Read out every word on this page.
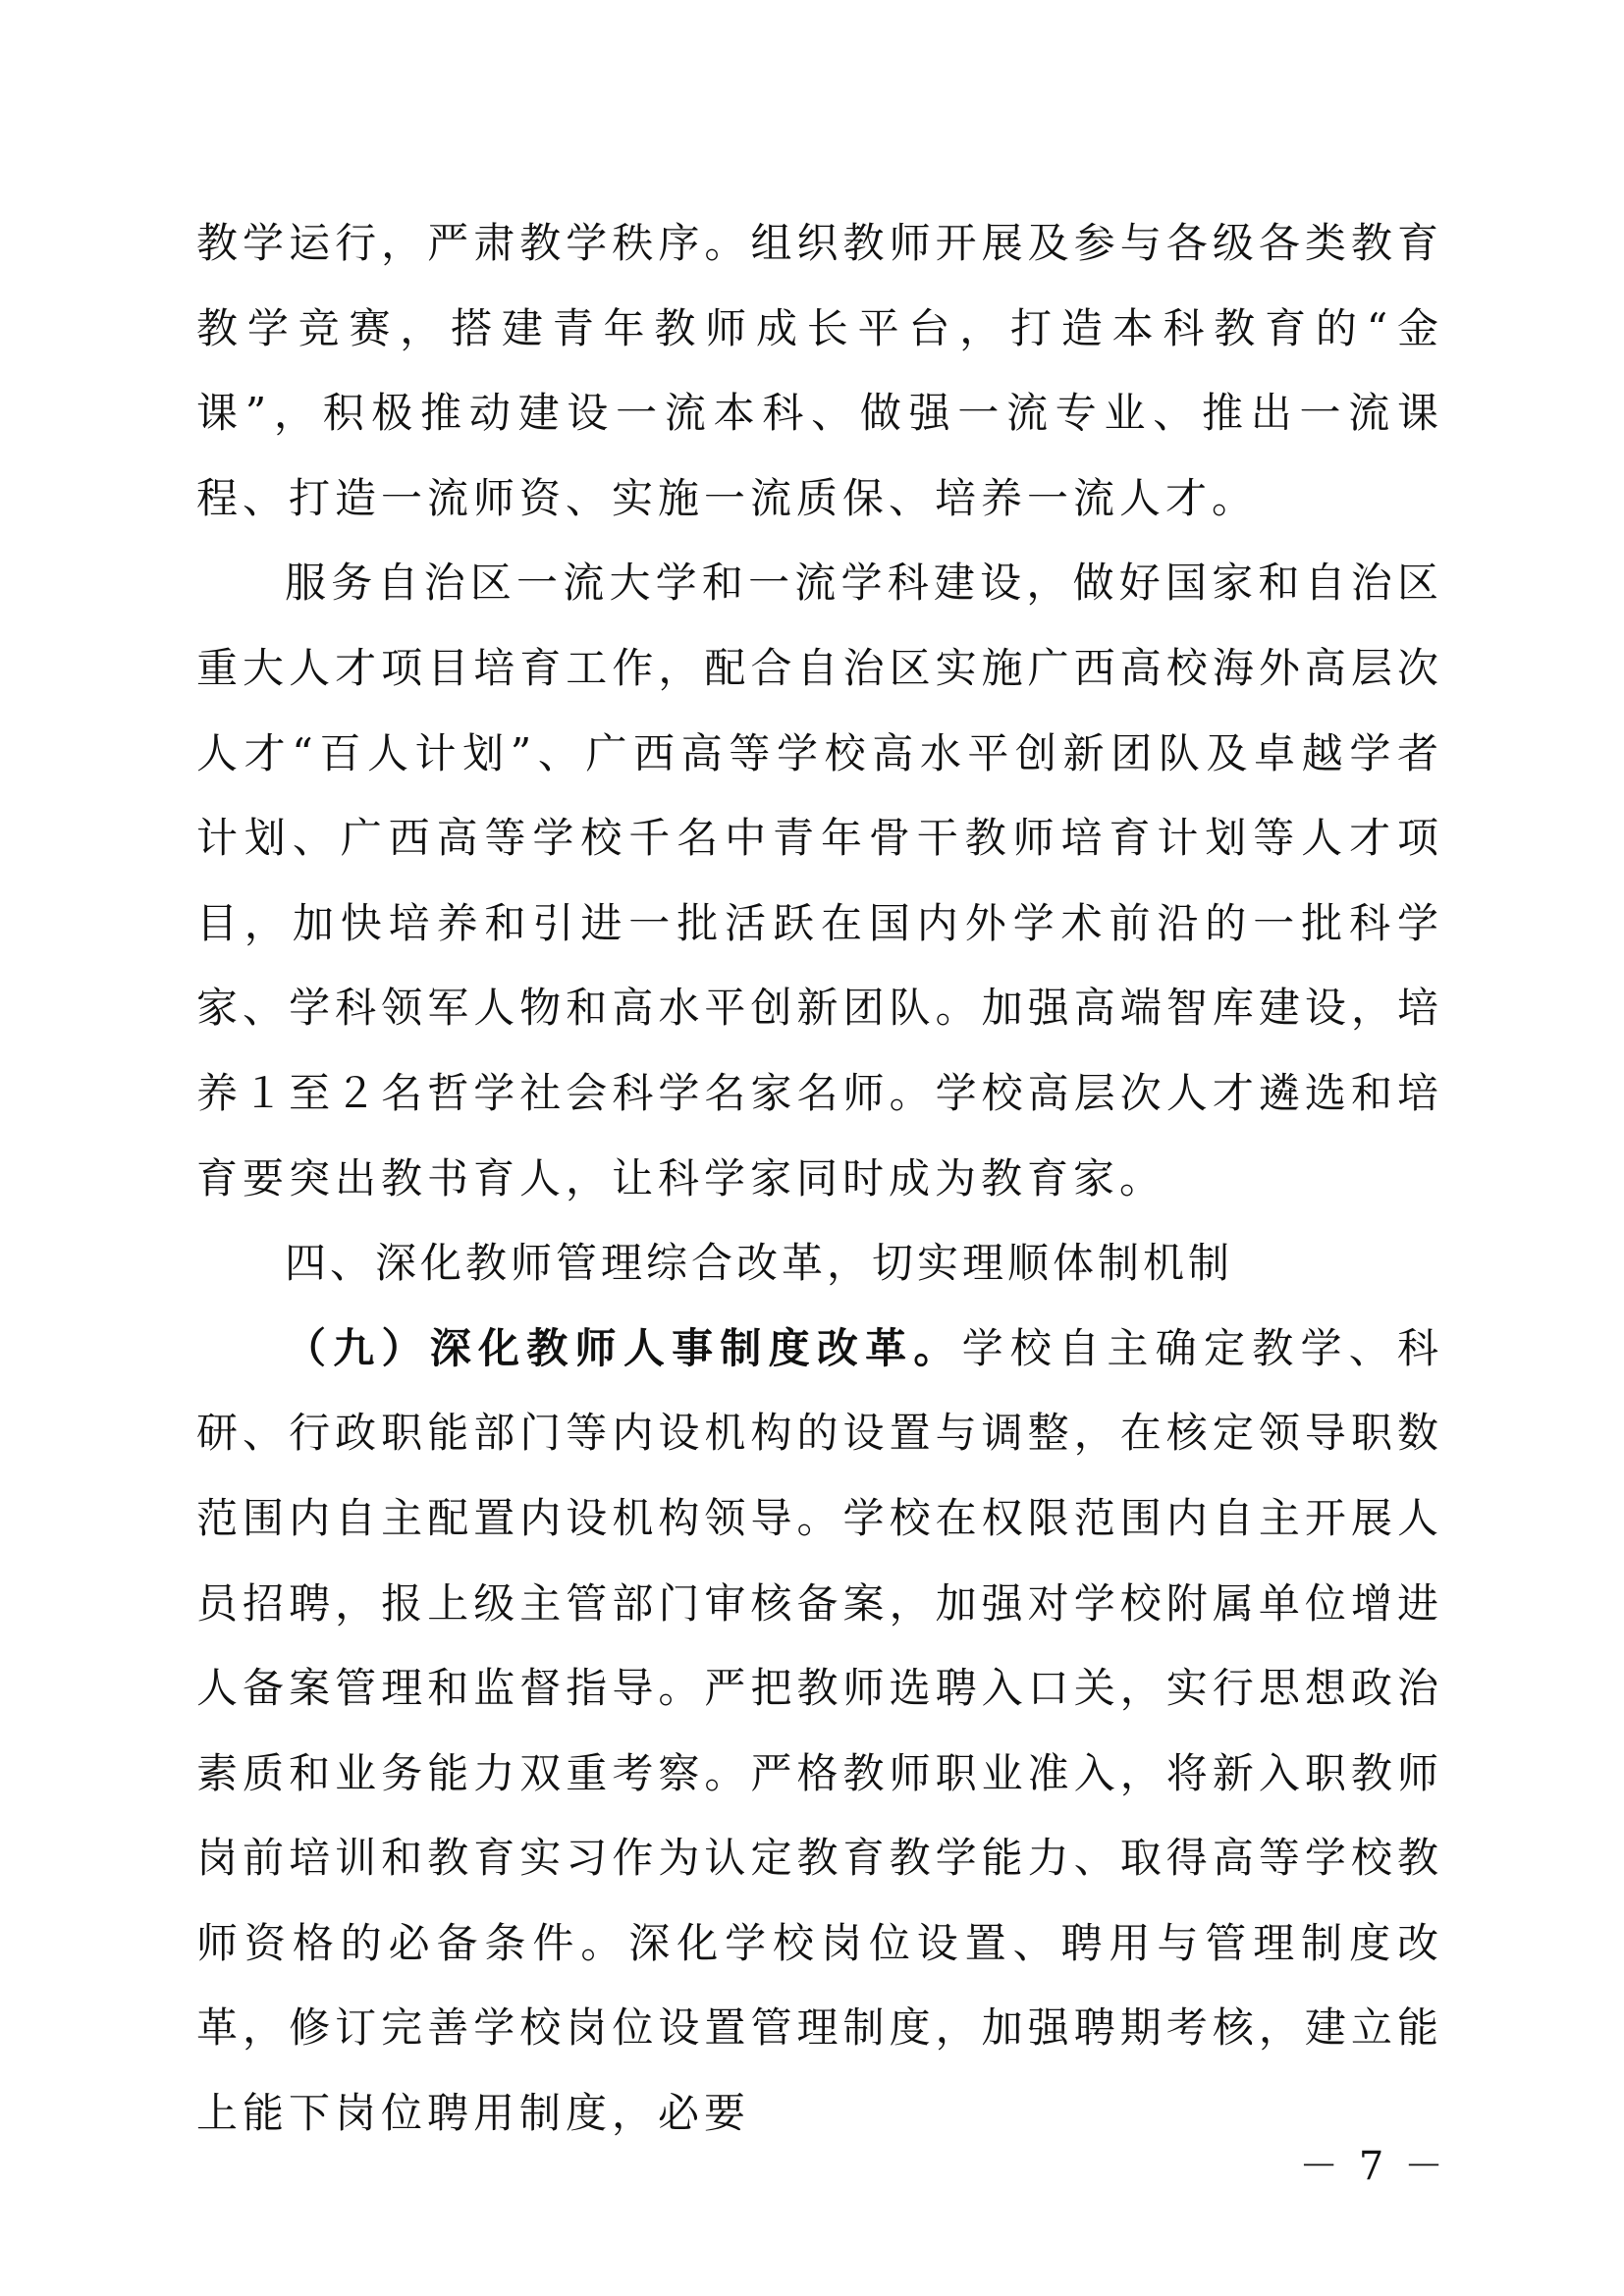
教学运行，严肃教学秩序。组织教师开展及参与各级各类教育教学竞赛，搭建青年教师成长平台，打造本科教育的“金课”，积极推动建设一流本科、做强一流专业、推出一流课程、打造一流师资、实施一流质保、培养一流人才。

服务自治区一流大学和一流学科建设，做好国家和自治区重大人才项目培育工作，配合自治区实施广西高校海外高层次人才“百人计划”、广西高等学校高水平创新团队及卓越学者计划、广西高等学校千名中青年骨干教师培育计划等人才项目，加快培养和引进一批活跃在国内外学术前沿的一批科学家、学科领军人物和高水平创新团队。加强高端智库建设，培养１至２名哲学社会科学名家名师。学校高层次人才遴选和培育要突出教书育人，让科学家同时成为教育家。

四、深化教师管理综合改革，切实理顺体制机制

（九）深化教师人事制度改革。学校自主确定教学、科研、行政职能部门等内设机构的设置与调整，在核定领导职数范围内自主配置内设机构领导。学校在权限范围内自主开展人员招聘，报上级主管部门审核备案，加强对学校附属单位增进人备案管理和监督指导。严把教师选聘入口关，实行思想政治素质和业务能力双重考察。严格教师职业准入，将新入职教师岗前培训和教育实习作为认定教育教学能力、取得高等学校教师资格的必备条件。深化学校岗位设置、聘用与管理制度改革，修订完善学校岗位设置管理制度，加强聘期考核，建立能上能下岗位聘用制度，必要

－ 7 －
